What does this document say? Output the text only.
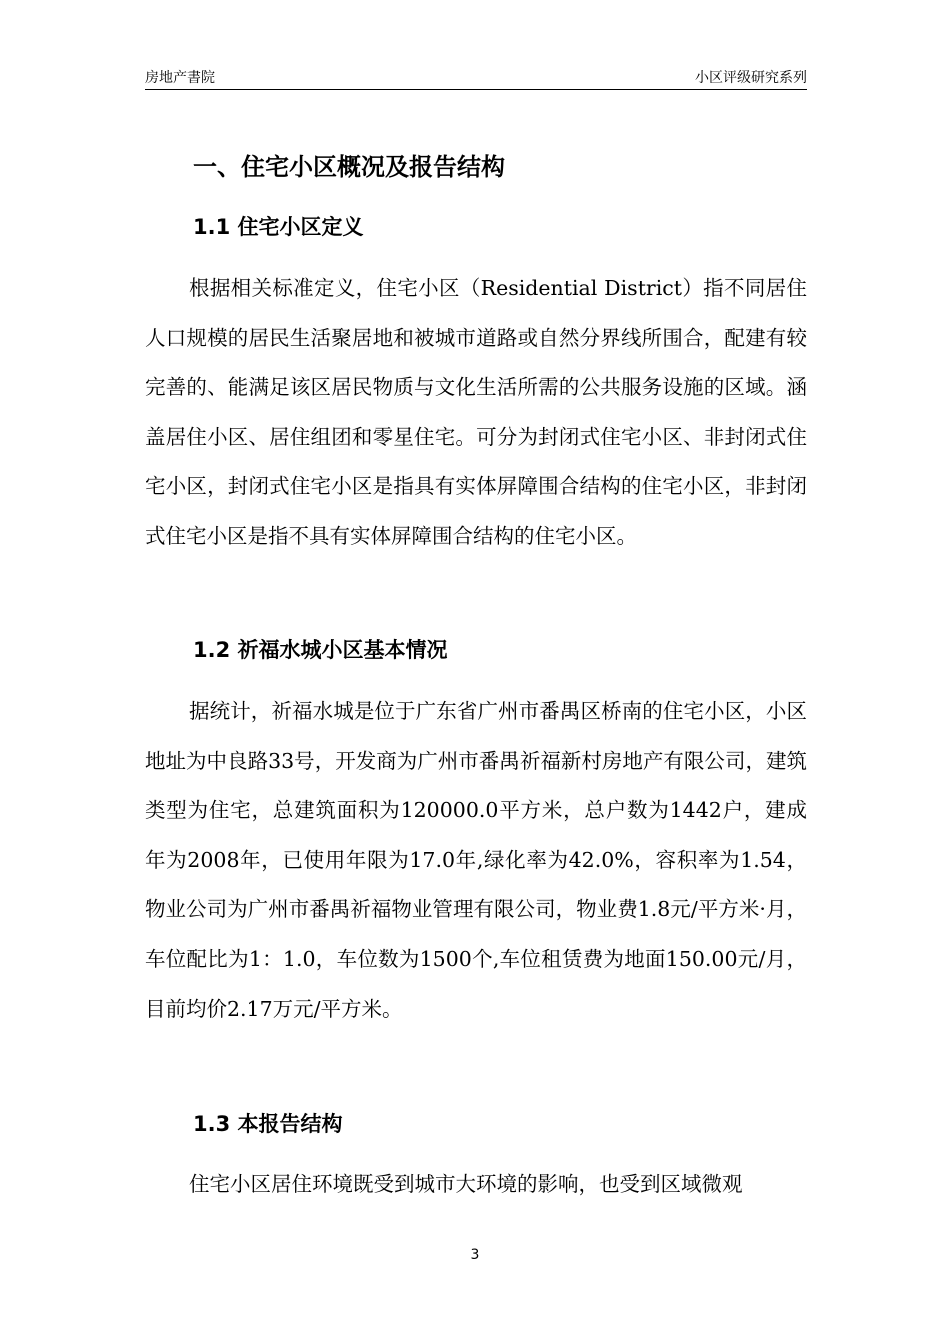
房地产書院	小区评级研究系列
一、住宅小区概况及报告结构
1.1 住宅小区定义

根据相关标准定义，住宅小区（Residential District）指不同居住人口规模的居民生活聚居地和被城市道路或自然分界线所围合，配建有较完善的、能满足该区居民物质与文化生活所需的公共服务设施的区域。涵盖居住小区、居住组团和零星住宅。可分为封闭式住宅小区、非封闭式住宅小区，封闭式住宅小区是指具有实体屏障围合结构的住宅小区，非封闭式住宅小区是指不具有实体屏障围合结构的住宅小区。

1.2 祈福水城小区基本情况

据统计，祈福水城是位于广东省广州市番禺区桥南的住宅小区，小区地址为中良路33号，开发商为广州市番禺祈福新村房地产有限公司，建筑类型为住宅，总建筑面积为120000.0平方米，总户数为1442户，建成年为2008年，已使用年限为17.0年,绿化率为42.0%，容积率为1.54，物业公司为广州市番禺祈福物业管理有限公司，物业费1.8元/平方米·月，车位配比为1：1.0，车位数为1500个,车位租赁费为地面150.00元/月，目前均价2.17万元/平方米。

1.3 本报告结构

住宅小区居住环境既受到城市大环境的影响，也受到区域微观

3
